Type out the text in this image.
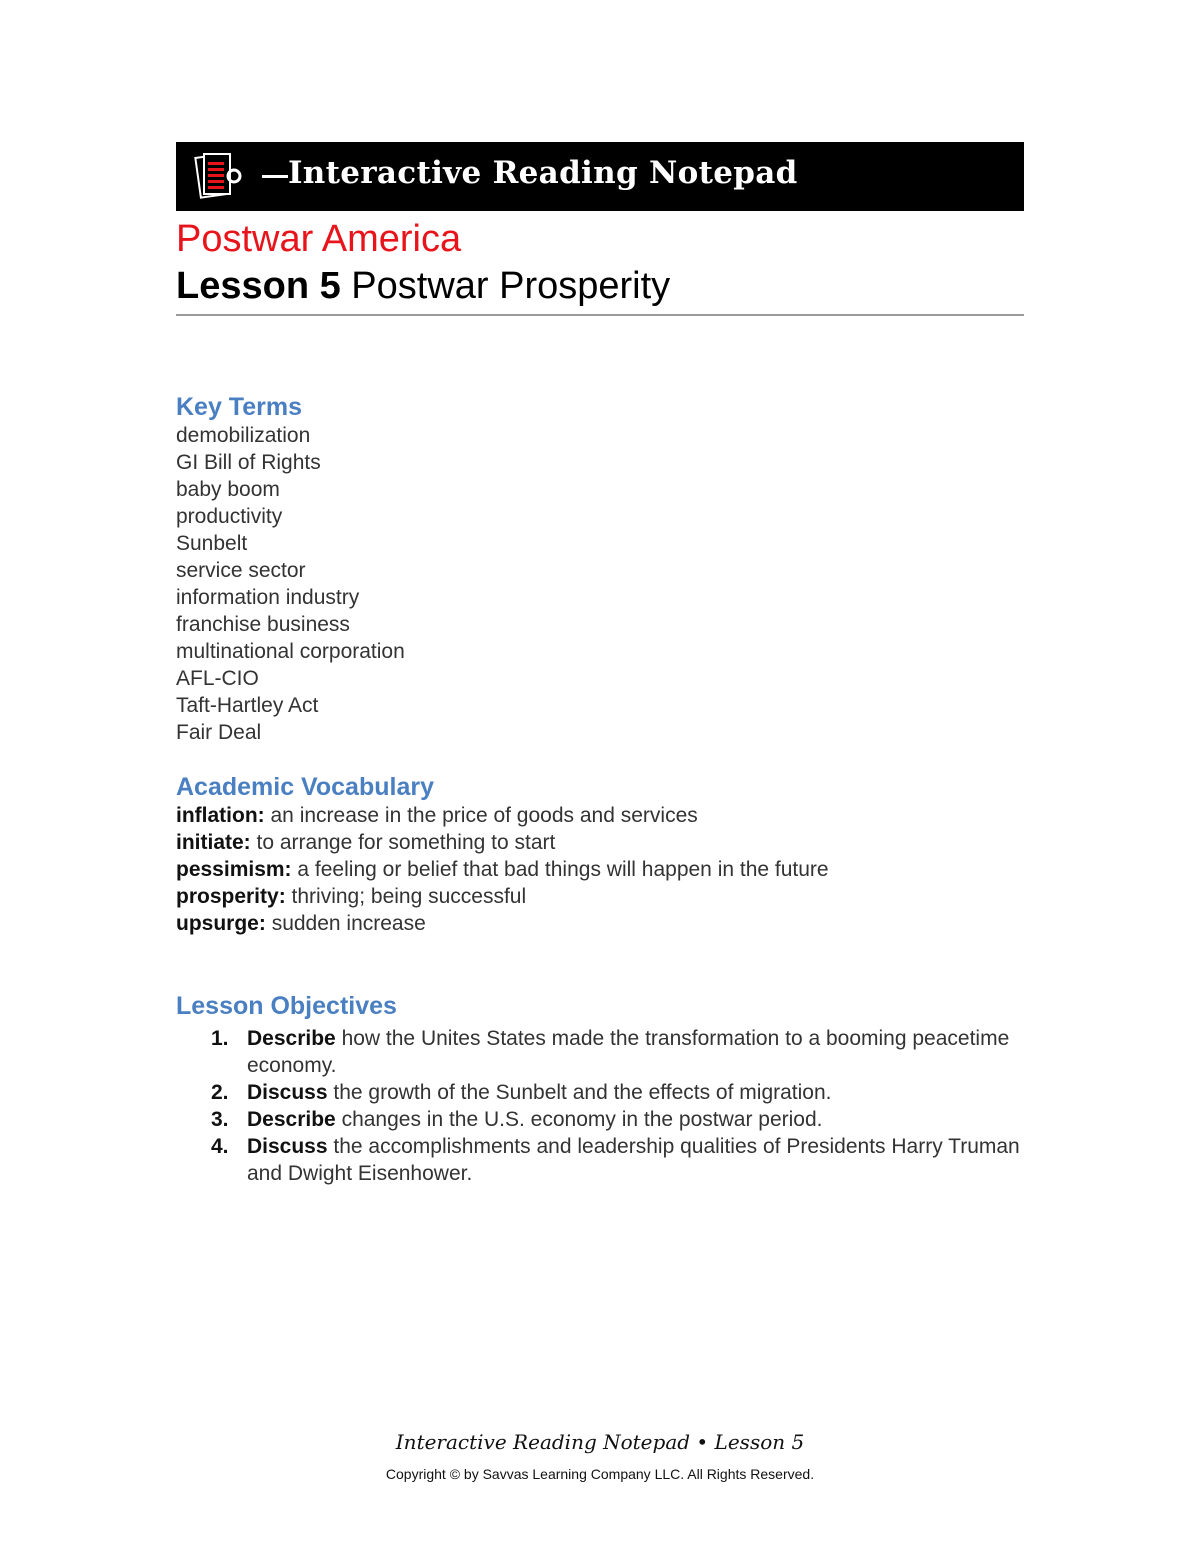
Interactive Reading Notepad
Postwar America
Lesson 5 Postwar Prosperity
Key Terms
demobilization
GI Bill of Rights
baby boom
productivity
Sunbelt
service sector
information industry
franchise business
multinational corporation
AFL-CIO
Taft-Hartley Act
Fair Deal
Academic Vocabulary
inflation: an increase in the price of goods and services
initiate: to arrange for something to start
pessimism: a feeling or belief that bad things will happen in the future
prosperity: thriving; being successful
upsurge: sudden increase
Lesson Objectives
1. Describe how the Unites States made the transformation to a booming peacetime economy.
2. Discuss the growth of the Sunbelt and the effects of migration.
3. Describe changes in the U.S. economy in the postwar period.
4. Discuss the accomplishments and leadership qualities of Presidents Harry Truman and Dwight Eisenhower.
Interactive Reading Notepad • Lesson 5
Copyright © by Savvas Learning Company LLC. All Rights Reserved.
